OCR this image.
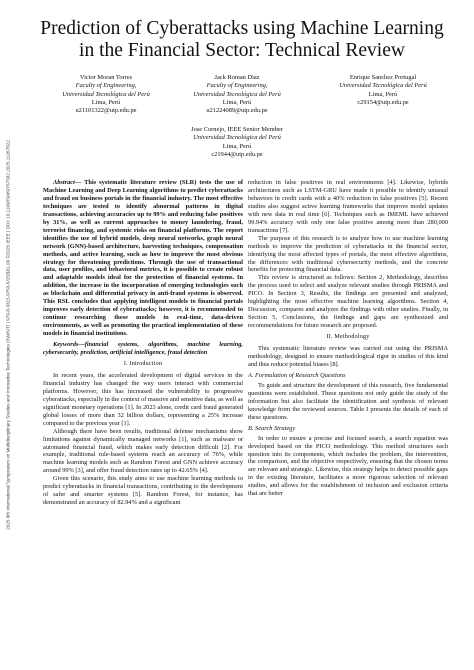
2025 9th International Symposium on Multidisciplinary Studies and Innovative Technologies (ISMSIT) | 979-8-3315-9753-5/25/$31.00 ©2025 IEEE | DOI: 10.1109/ISMSIT67332.2025.11267822
Prediction of Cyberattacks using Machine Learning
in the Financial Sector: Technical Review
Victor Moran Torres
Faculty of Engineering,
Universidad Tecnológica del Perú
Lima, Perú
u21101322@utp.edu.pe
Jack Roman Diaz
Faculty of Engineering,
Universidad Tecnológica del Perú
Lima, Perú
u21224089@utp.edu.pe
Enrique Sanchez Portugal
Universidad Tecnológica del Perú
Lima, Perú
c29154@utp.edu.pe
Jose Cornejo, IEEE Senior Member
Universidad Tecnológica del Perú
Lima, Perú
c21944@utp.edu.pe

Abstract— This systematic literature review (SLR) tests the use of Machine Learning and Deep Learning algorithms to predict cyberattacks and fraud on business portals in the financial industry. The most effective techniques are tested to identify abnormal patterns in digital transactions, achieving accuracies up to 99% and reducing false positives by 31%, as well as current approaches to money laundering, fraud, terrorist financing, and systemic risks on financial platforms. The report identifies the use of hybrid models, deep neural networks, graph neural network (GNN)-based architecture, harvesting techniques, compensation methods, and active learning, such as how to improve the most obvious strategy for threatening predictions. Through the use of transactional data, user profiles, and behavioral metrics, it is possible to create robust and adaptable models ideal for the protection of financial systems. In addition, the increase in the incorporation of emerging technologies such as blockchain and differential privacy in anti-fraud systems is observed. This RSL concludes that applying intelligent models to financial portals improves early detection of cyberattacks; however, it is recommended to continue researching these models in real-time, data-driven environments, as well as promoting the practical implementation of these models in financial institutions.

Keywords—financial systems, algorithms, machine learning, cybersecurity, prediction, artificial intelligence, fraud detection

I. Introduction

In recent years, the accelerated development of digital services in the financial industry has changed the way users interact with commercial platforms. However, this has increased the vulnerability to progressive cyberattacks, especially in the context of massive and sensitive data, as well as significant monetary operations [1]. In 2023 alone, credit card fraud generated global losses of more than 32 billion dollars, representing a 25% increase compared to the previous year [1].

Although there have been results, traditional defense mechanisms show limitations against dynamically managed networks [1], such as malware or automated financial fraud, which makes early detection difficult [2]. For example, traditional rule-based systems reach an accuracy of 76%, while machine learning models such as Random Forest and GNN achieve accuracy around 99% [3], and offer fraud detection rates up to 42.65% [4].

Given this scenario, this study aims to use machine learning methods to predict cyberattacks in financial transactions, contributing to the development of safer and smarter systems [5]. Random Forest, for instance, has demonstrated an accuracy of 82.94% and a significant

reduction in false positives in real environments [4]. Likewise, hybrids architectures such as LSTM-GRU have made it possible to identify unusual behaviors in credit cards with a 40% reduction in false positives [5]. Recent studies also suggest active learning frameworks that improve model updates with new data in real time [6]. Techniques such as IMEML have achieved 99.94% accuracy with only one false positive among more than 280,000 transactions [7].

The purpose of this research is to analyze how to use machine learning methods to improve the prediction of cyberattacks in the financial sector, identifying the most affected types of portals, the most effective algorithms, the differences with traditional cybersecurity methods, and the concrete benefits for protecting financial data.

This review is structured as follows: Section 2, Methodology, describes the process used to select and analyze relevant studies through PRISMA and PICO. In Section 3, Results, the findings are presented and analyzed, highlighting the most effective machine learning algorithms. Section 4, Discussion, compares and analyzes the findings with other studies. Finally, in Section 5, Conclusions, the findings and gaps are synthesized and recommendations for future research are proposed.

II. Methodology

This systematic literature review was carried out using the PRISMA methodology, designed to ensure methodological rigor in studies of this kind and thus reduce potential biases [8].

A. Formulation of Research Questions

To guide and structure the development of this research, five fundamental questions were established. These questions not only guide the study of the information but also facilitate the identification and synthesis of relevant knowledge from the reviewed sources. Table I presents the details of each of these questions.

B. Search Strategy

In order to ensure a precise and focused search, a search equation was developed based on the PICO methodology. This method structures each question into its components, which includes the problem, the intervention, the comparison, and the objective respectively, ensuring that the chosen terms are relevant and strategic. Likewise, this strategy helps to detect possible gaps in the existing literature, facilitates a more rigorous selection of relevant studies, and allows for the establishment of inclusion and exclusion criteria that are better
